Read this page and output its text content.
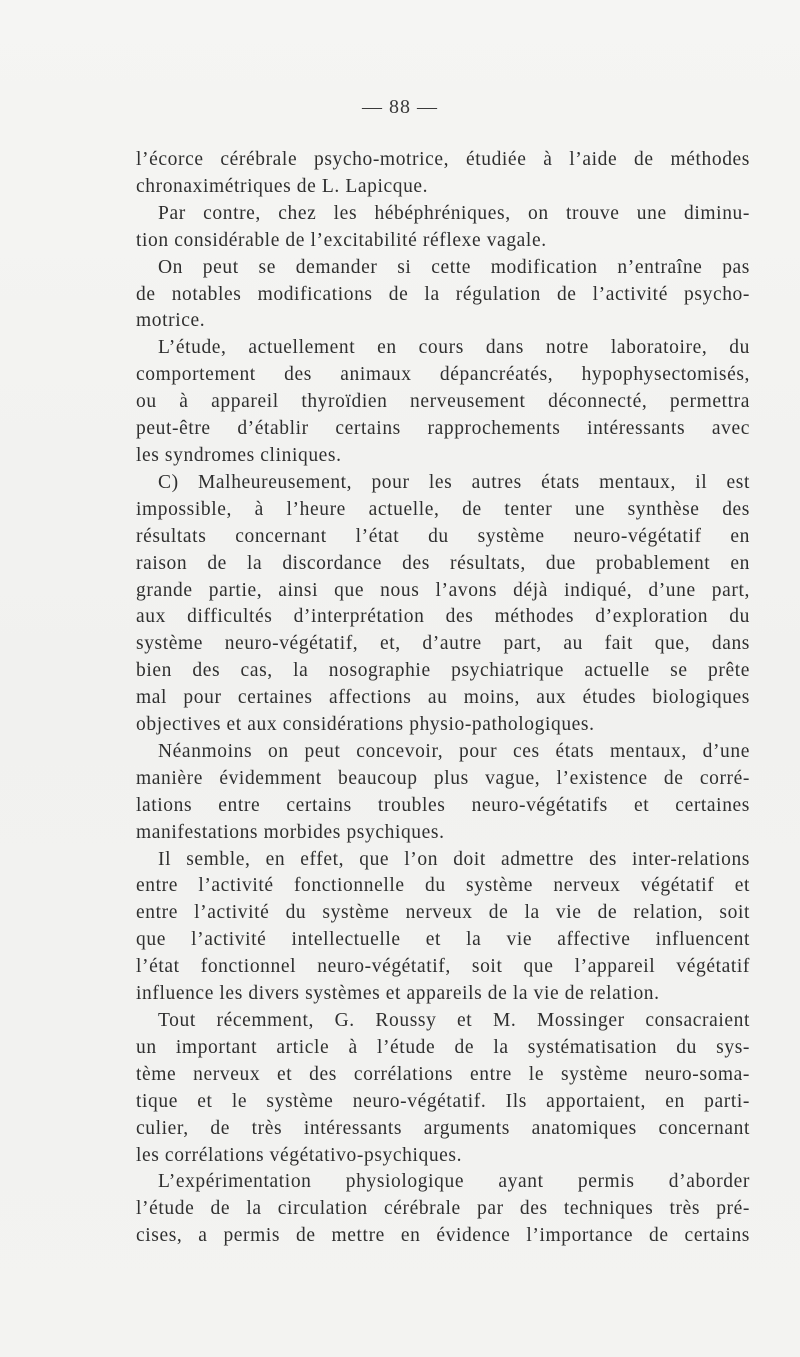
— 88 —

l’écorce cérébrale psycho-motrice, étudiée à l’aide de méthodes
chronaximétriques de L. Lapicque.

Par contre, chez les hébéphréniques, on trouve une diminu-
tion considérable de l’excitabilité réflexe vagale.

On peut se demander si cette modification n’entraîne pas
de notables modifications de la régulation de l’activité psycho-
motrice.

L’étude, actuellement en cours dans notre laboratoire, du
comportement des animaux dépancréatés, hypophysectomisés,
ou à appareil thyroïdien nerveusement déconnecté, permettra
peut-être d’établir certains rapprochements intéressants avec
les syndromes cliniques.

C) Malheureusement, pour les autres états mentaux, il est
impossible, à l’heure actuelle, de tenter une synthèse des
résultats concernant l’état du système neuro-végétatif en
raison de la discordance des résultats, due probablement en
grande partie, ainsi que nous l’avons déjà indiqué, d’une part,
aux difficultés d’interprétation des méthodes d’exploration du
système neuro-végétatif, et, d’autre part, au fait que, dans
bien des cas, la nosographie psychiatrique actuelle se prête
mal pour certaines affections au moins, aux études biologiques
objectives et aux considérations physio-pathologiques.

Néanmoins on peut concevoir, pour ces états mentaux, d’une
manière évidemment beaucoup plus vague, l’existence de corré-
lations entre certains troubles neuro-végétatifs et certaines
manifestations morbides psychiques.

Il semble, en effet, que l’on doit admettre des inter-relations
entre l’activité fonctionnelle du système nerveux végétatif et
entre l’activité du système nerveux de la vie de relation, soit
que l’activité intellectuelle et la vie affective influencent
l’état fonctionnel neuro-végétatif, soit que l’appareil végétatif
influence les divers systèmes et appareils de la vie de relation.

Tout récemment, G. Roussy et M. Mossinger consacraient
un important article à l’étude de la systématisation du sys-
tème nerveux et des corrélations entre le système neuro-soma-
tique et le système neuro-végétatif. Ils apportaient, en parti-
culier, de très intéressants arguments anatomiques concernant
les corrélations végétativo-psychiques.

L’expérimentation physiologique ayant permis d’aborder
l’étude de la circulation cérébrale par des techniques très pré-
cises, a permis de mettre en évidence l’importance de certains
